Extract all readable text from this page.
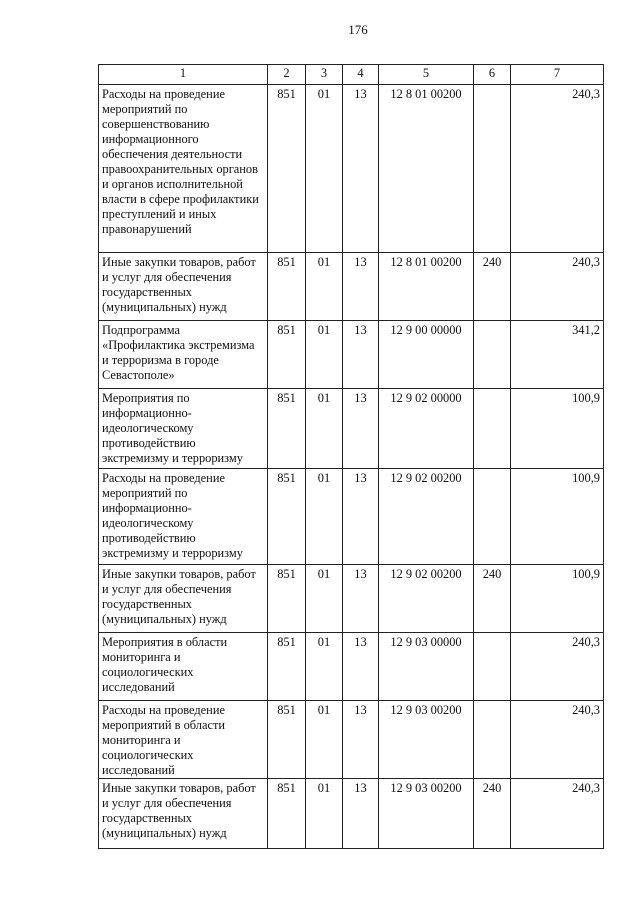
176
1	2	3	4	5	6	7
Расходы на проведение мероприятий по совершенствованию информационного обеспечения деятельности правоохранительных органов и органов исполнительной власти в сфере профилактики преступлений и иных правонарушений	851	01	13	12 8 01 00200		240,3
Иные закупки товаров, работ и услуг для обеспечения государственных (муниципальных) нужд	851	01	13	12 8 01 00200	240	240,3
Подпрограмма «Профилактика экстремизма и терроризма в городе Севастополе»	851	01	13	12 9 00 00000		341,2
Мероприятия по информационно-идеологическому противодействию экстремизму и терроризму	851	01	13	12 9 02 00000		100,9
Расходы на проведение мероприятий по информационно-идеологическому противодействию экстремизму и терроризму	851	01	13	12 9 02 00200		100,9
Иные закупки товаров, работ и услуг для обеспечения государственных (муниципальных) нужд	851	01	13	12 9 02 00200	240	100,9
Мероприятия в области мониторинга и социологических исследований	851	01	13	12 9 03 00000		240,3
Расходы на проведение мероприятий в области мониторинга и социологических исследований	851	01	13	12 9 03 00200		240,3
Иные закупки товаров, работ и услуг для обеспечения государственных (муниципальных) нужд	851	01	13	12 9 03 00200	240	240,3
